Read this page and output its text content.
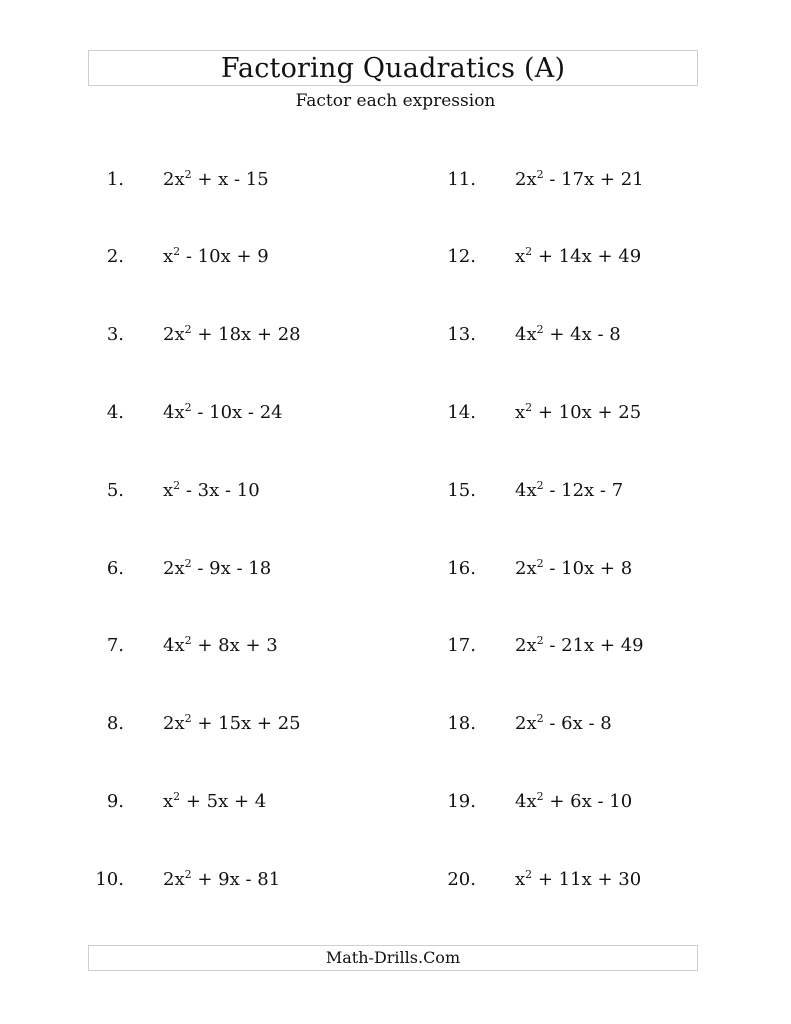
Factoring Quadratics (A)
Factor each expression
1. $2x^2 + x - 15$
2. $x^2 - 10x + 9$
3. $2x^2 + 18x + 28$
4. $4x^2 - 10x - 24$
5. $x^2 - 3x - 10$
6. $2x^2 - 9x - 18$
7. $4x^2 + 8x + 3$
8. $2x^2 + 15x + 25$
9. $x^2 + 5x + 4$
10. $2x^2 + 9x - 81$
11. $2x^2 - 17x + 21$
12. $x^2 + 14x + 49$
13. $4x^2 + 4x - 8$
14. $x^2 + 10x + 25$
15. $4x^2 - 12x - 7$
16. $2x^2 - 10x + 8$
17. $2x^2 - 21x + 49$
18. $2x^2 - 6x - 8$
19. $4x^2 + 6x - 10$
20. $x^2 + 11x + 30$
Math-Drills.Com
